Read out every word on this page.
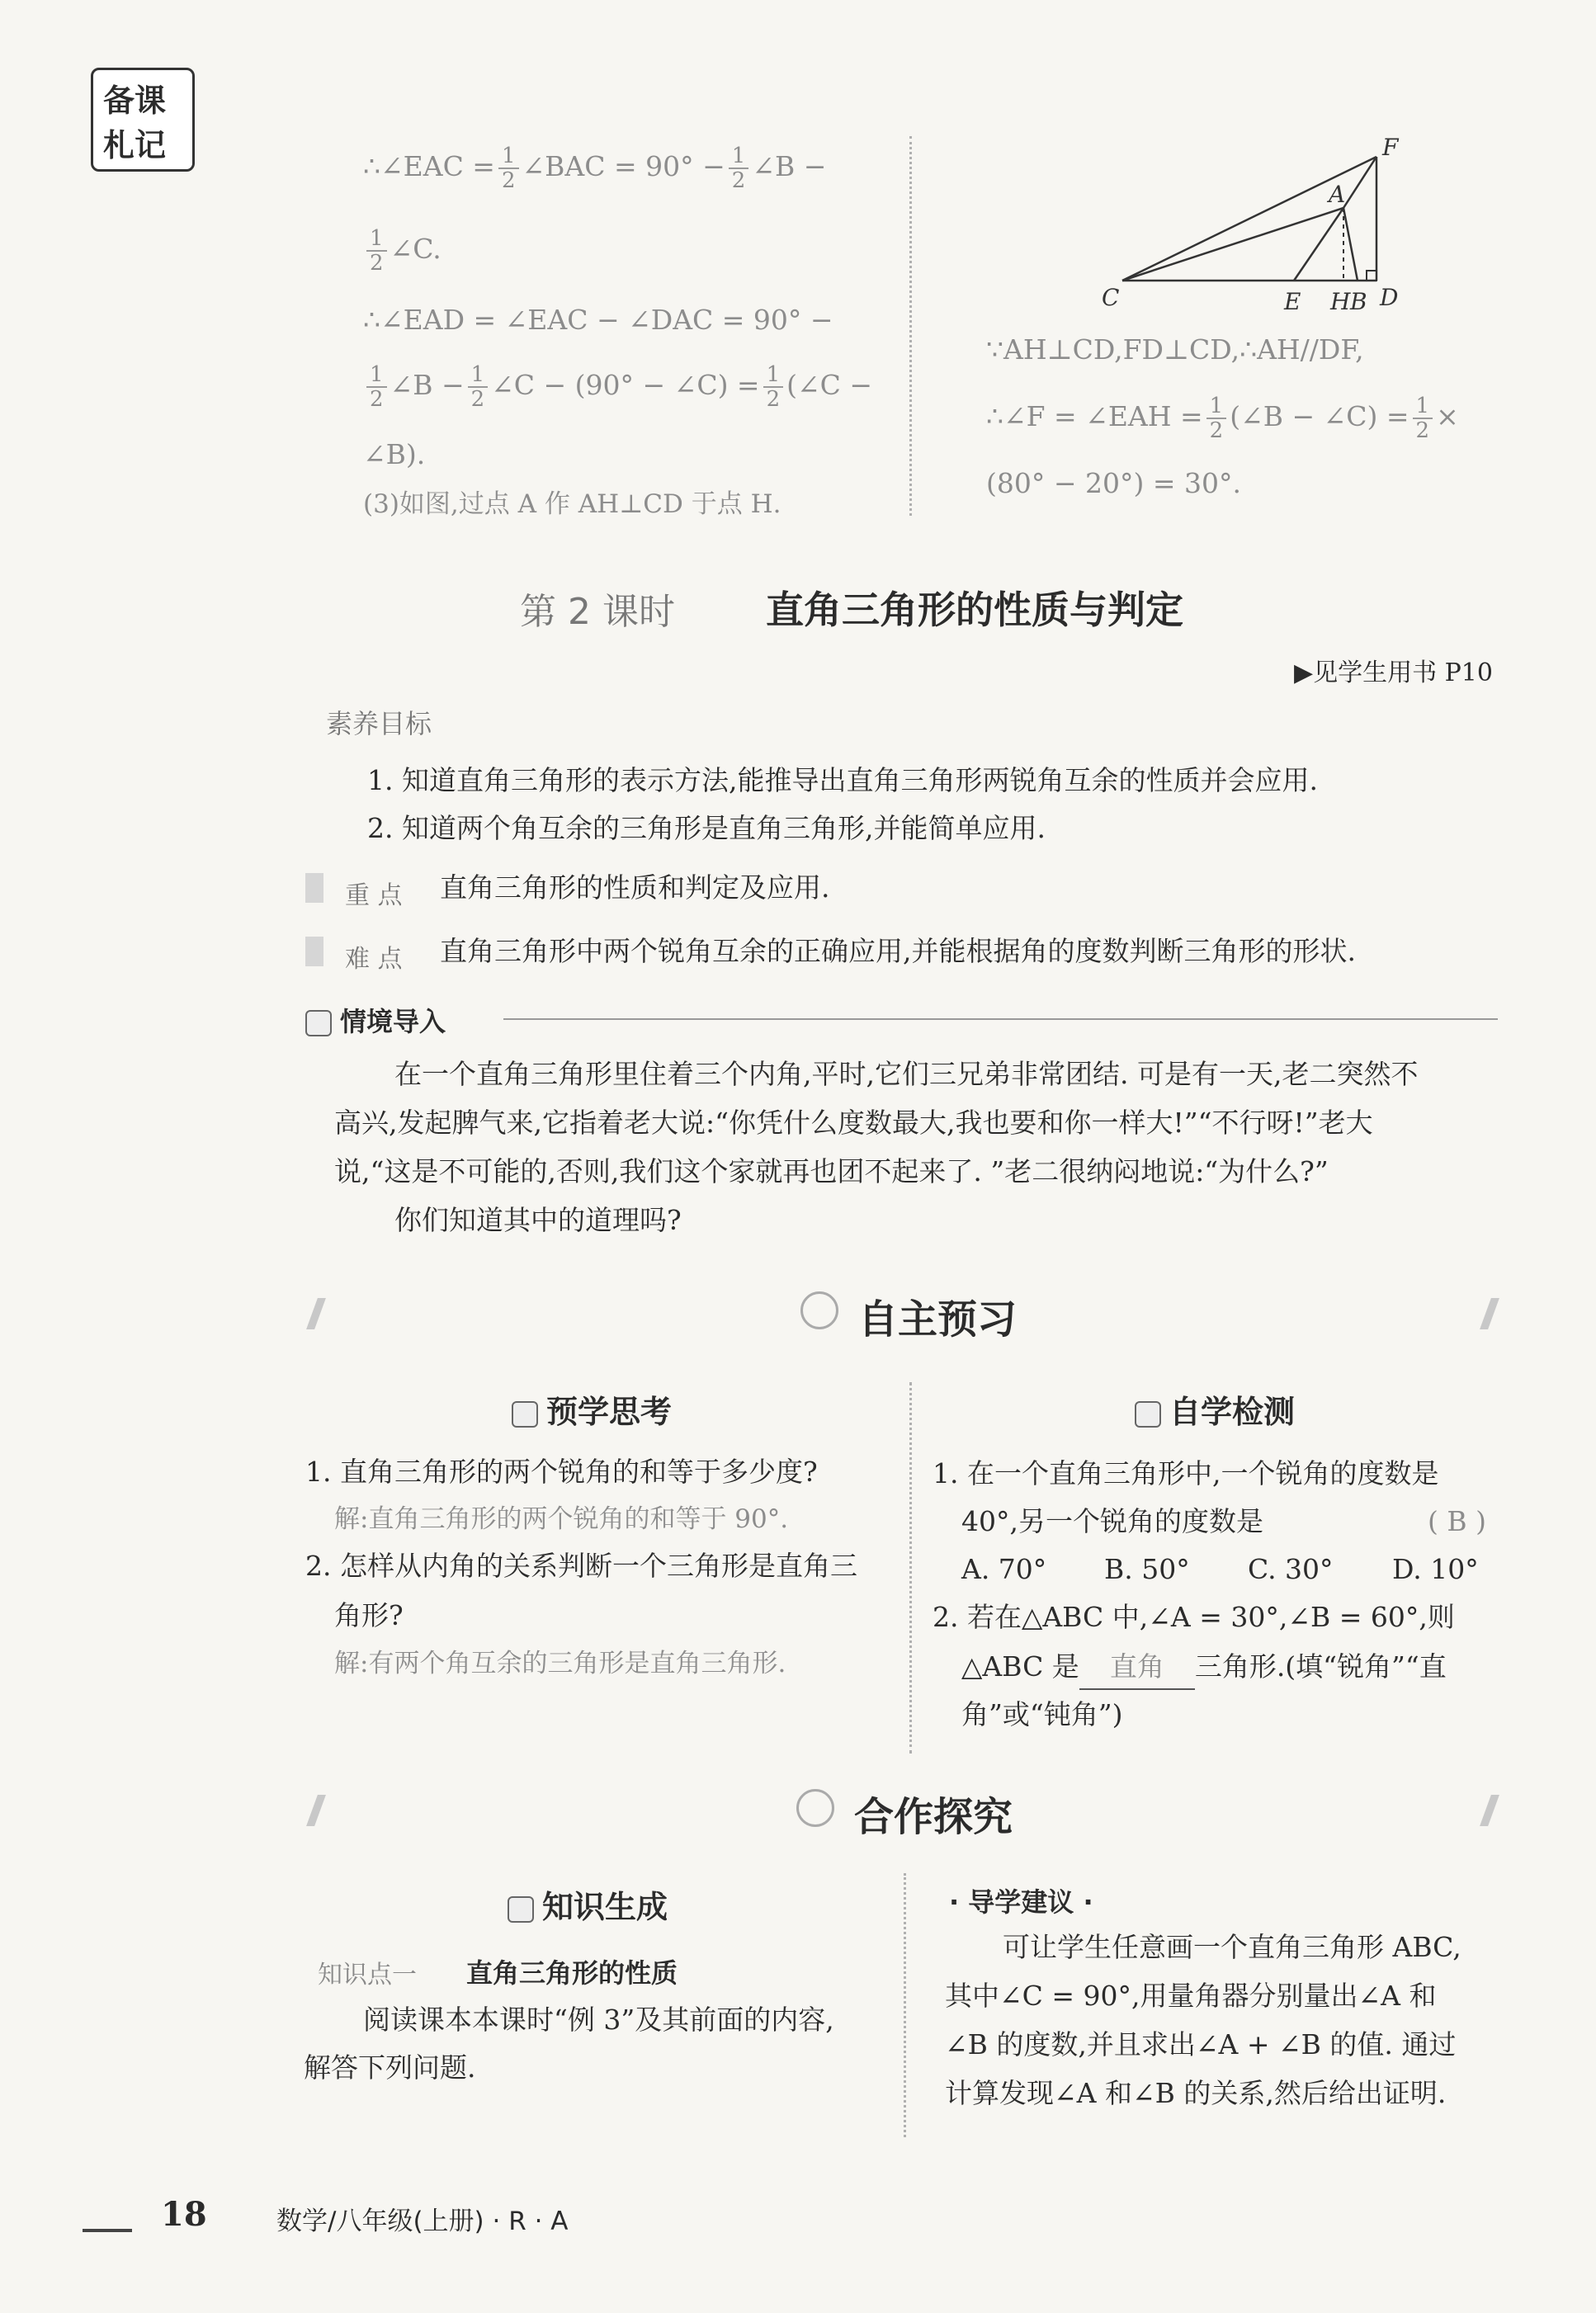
备课
札记
∴∠EAC = $\frac{1}{2}$ ∠BAC = $90^\circ - \frac{1}{2}$ ∠B −
$\frac{1}{2}$ ∠C.
∴∠EAD = ∠EAC − ∠DAC = 90° −
$\frac{1}{2}$ ∠B − $\frac{1}{2}$ ∠C − (90° − ∠C) = $\frac{1}{2}$ (∠C −
∠B).
(3)如图,过点 A 作 AH⊥CD 于点 H.
F
A
C	E H B D
∵AH⊥CD,FD⊥CD,∴AH//DF,
∴∠F = ∠EAH = $\frac{1}{2}$ (∠B − ∠C) = $\frac{1}{2}$ ×
(80° − 20°) = 30°.
第 2 课时 直角三角形的性质与判定
▶见学生用书 P10
素养目标
1. 知道直角三角形的表示方法,能推导出直角三角形两锐角互余的性质并会应用.
2. 知道两个角互余的三角形是直角三角形,并能简单应用.
重 点 直角三角形的性质和判定及应用.
难 点 直角三角形中两个锐角互余的正确应用,并能根据角的度数判断三角形的形状.
情境导入
在一个直角三角形里住着三个内角,平时,它们三兄弟非常团结. 可是有一天,老二突然不
高兴,发起脾气来,它指着老大说:“你凭什么度数最大,我也要和你一样大!”“不行呀!”老大
说,“这是不可能的,否则,我们这个家就再也团不起来了. ”老二很纳闷地说:“为什么?”
你们知道其中的道理吗?
自主预习
预学思考
1. 直角三角形的两个锐角的和等于多少度?
解:直角三角形的两个锐角的和等于 90°.
2. 怎样从内角的关系判断一个三角形是直角三
角形?
解:有两个角互余的三角形是直角三角形.
自学检测
1. 在一个直角三角形中,一个锐角的度数是
40°,另一个锐角的度数是	( B )
A. 70° B. 50° C. 30° D. 10°
2. 若在△ABC 中,∠A = 30°,∠B = 60°,则
△ABC 是 直角 三角形.(填“锐角”“直
角”或“钝角”)
合作探究
知识生成
知识点一 直角三角形的性质
阅读课本本课时“例 3”及其前面的内容,
解答下列问题.
· 导学建议 ·
可让学生任意画一个直角三角形 ABC,
其中∠C = 90°,用量角器分别量出∠A 和
∠B 的度数,并且求出∠A + ∠B 的值. 通过
计算发现∠A 和∠B 的关系,然后给出证明.
18	数学/八年级(上册) · R · A
